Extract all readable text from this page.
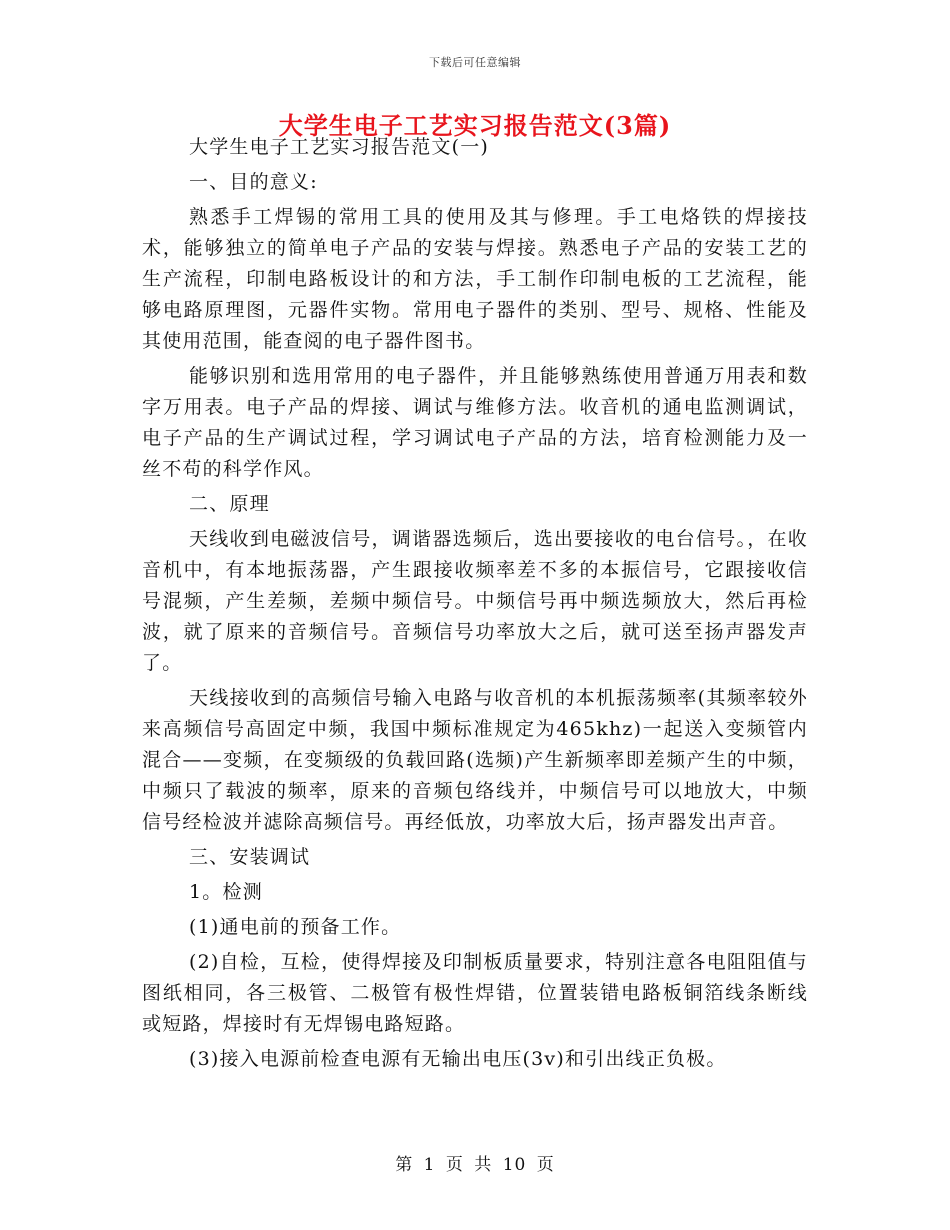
下载后可任意编辑
大学生电子工艺实习报告范文(3篇)

大学生电子工艺实习报告范文(一)

一、目的意义:

熟悉手工焊锡的常用工具的使用及其与修理。手工电烙铁的焊接技术，能够独立的简单电子产品的安装与焊接。熟悉电子产品的安装工艺的生产流程，印制电路板设计的和方法，手工制作印制电板的工艺流程，能够电路原理图，元器件实物。常用电子器件的类别、型号、规格、性能及其使用范围，能查阅的电子器件图书。

能够识别和选用常用的电子器件，并且能够熟练使用普通万用表和数字万用表。电子产品的焊接、调试与维修方法。收音机的通电监测调试，电子产品的生产调试过程，学习调试电子产品的方法，培育检测能力及一丝不苟的科学作风。

二、原理

天线收到电磁波信号，调谐器选频后，选出要接收的电台信号。，在收音机中，有本地振荡器，产生跟接收频率差不多的本振信号，它跟接收信号混频，产生差频，差频中频信号。中频信号再中频选频放大，然后再检波，就了原来的音频信号。音频信号功率放大之后，就可送至扬声器发声了。

天线接收到的高频信号输入电路与收音机的本机振荡频率(其频率较外来高频信号高固定中频，我国中频标准规定为465khz)一起送入变频管内混合——变频，在变频级的负载回路(选频)产生新频率即差频产生的中频，中频只了载波的频率，原来的音频包络线并，中频信号可以地放大，中频信号经检波并滤除高频信号。再经低放，功率放大后，扬声器发出声音。

三、安装调试

1。检测

(1)通电前的预备工作。

(2)自检，互检，使得焊接及印制板质量要求，特别注意各电阻阻值与图纸相同，各三极管、二极管有极性焊错，位置装错电路板铜箔线条断线或短路，焊接时有无焊锡电路短路。

(3)接入电源前检查电源有无输出电压(3v)和引出线正负极。

第 1 页 共 10 页
